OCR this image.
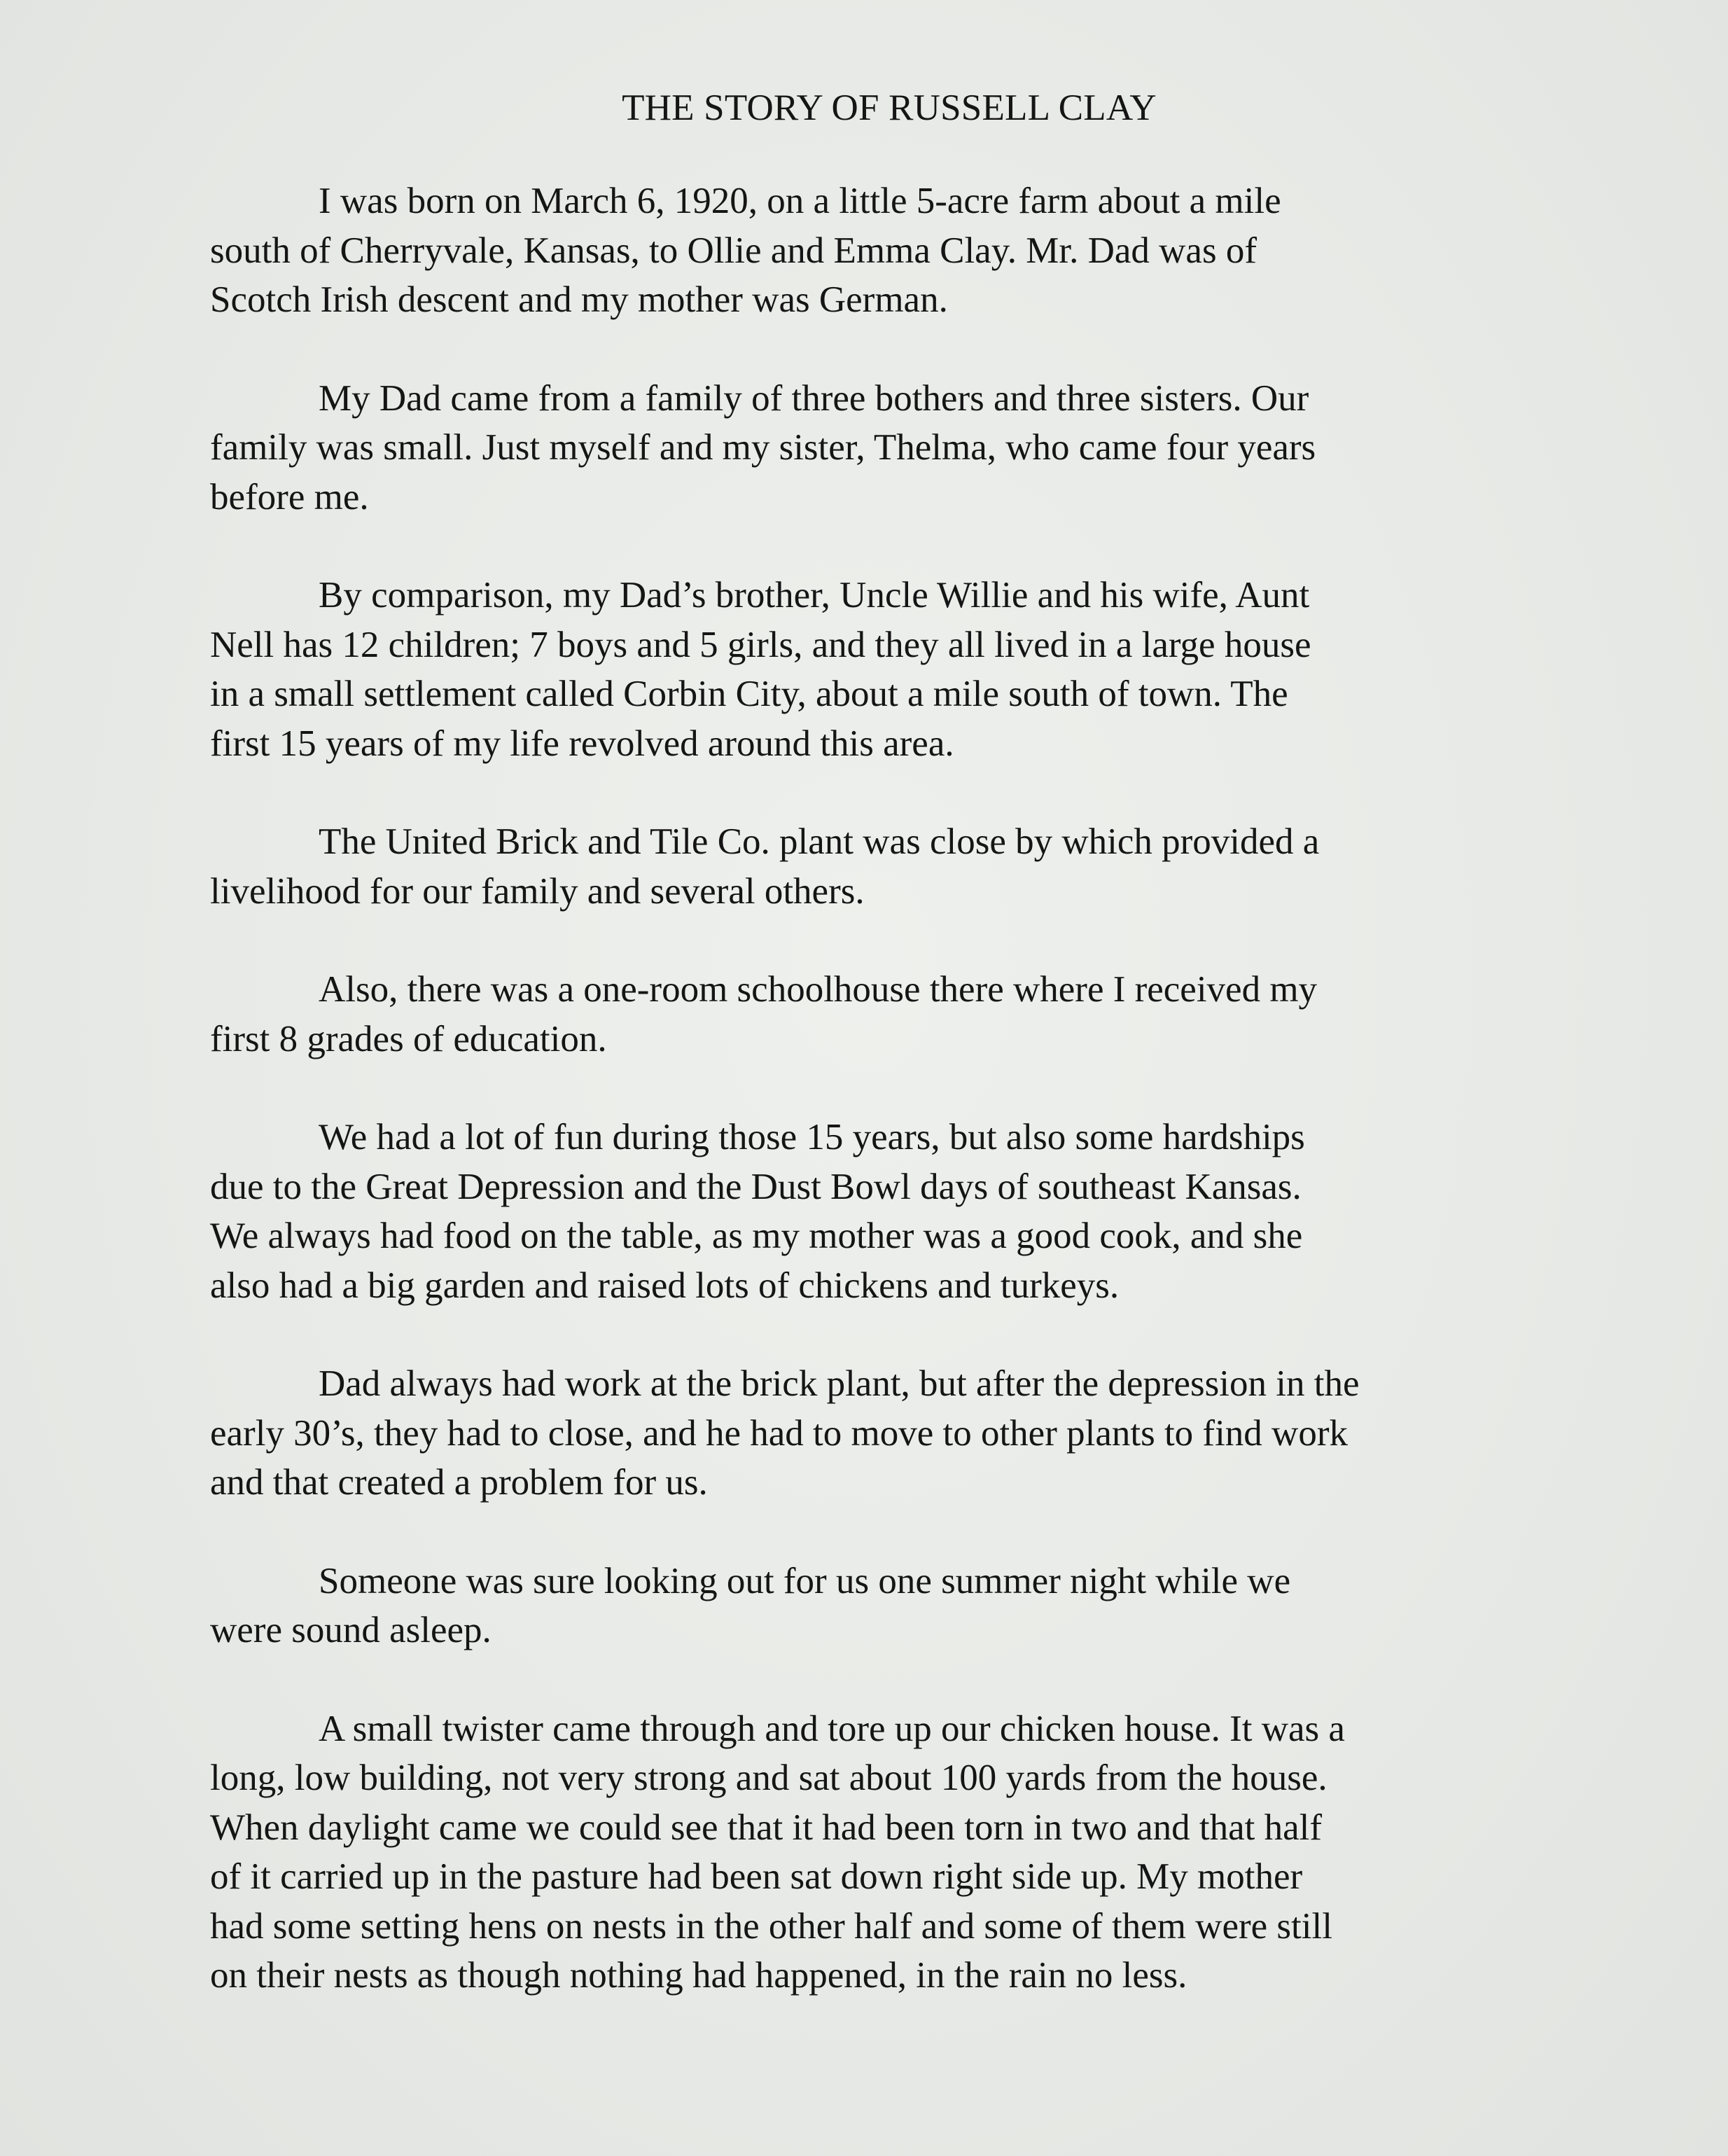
THE STORY OF RUSSELL CLAY
I was born on March 6, 1920, on a little 5-acre farm about a mile
south of Cherryvale, Kansas, to Ollie and Emma Clay. Mr. Dad was of
Scotch Irish descent and my mother was German.
My Dad came from a family of three bothers and three sisters. Our
family was small. Just myself and my sister, Thelma, who came four years
before me.
By comparison, my Dad’s brother, Uncle Willie and his wife, Aunt
Nell has 12 children; 7 boys and 5 girls, and they all lived in a large house
in a small settlement called Corbin City, about a mile south of town. The
first 15 years of my life revolved around this area.
The United Brick and Tile Co. plant was close by which provided a
livelihood for our family and several others.
Also, there was a one-room schoolhouse there where I received my
first 8 grades of education.
We had a lot of fun during those 15 years, but also some hardships
due to the Great Depression and the Dust Bowl days of southeast Kansas.
We always had food on the table, as my mother was a good cook, and she
also had a big garden and raised lots of chickens and turkeys.
Dad always had work at the brick plant, but after the depression in the
early 30’s, they had to close, and he had to move to other plants to find work
and that created a problem for us.
Someone was sure looking out for us one summer night while we
were sound asleep.
A small twister came through and tore up our chicken house. It was a
long, low building, not very strong and sat about 100 yards from the house.
When daylight came we could see that it had been torn in two and that half
of it carried up in the pasture had been sat down right side up. My mother
had some setting hens on nests in the other half and some of them were still
on their nests as though nothing had happened, in the rain no less.
